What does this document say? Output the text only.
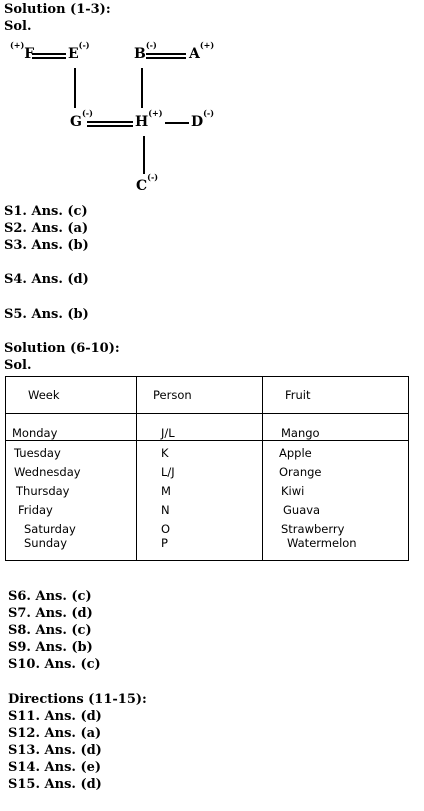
Solution (1-3):
Sol.
(+)F E(-)
B(-)
A(+)
G(-)
H(+)
D(-)
C(-)
S1. Ans. (c)
S2. Ans. (a)
S3. Ans. (b)
S4. Ans. (d)
S5. Ans. (b)
Solution (6-10):
Sol.
Week	Person	Fruit
Monday	J/L	Mango
Tuesday	K	Apple
Wednesday	L/J	Orange
Thursday	M	Kiwi
Friday	N	Guava
Saturday	O	Strawberry
Sunday	P	Watermelon
S6. Ans. (c)
S7. Ans. (d)
S8. Ans. (c)
S9. Ans. (b)
S10. Ans. (c)
Directions (11-15):
S11. Ans. (d)
S12. Ans. (a)
S13. Ans. (d)
S14. Ans. (e)
S15. Ans. (d)
